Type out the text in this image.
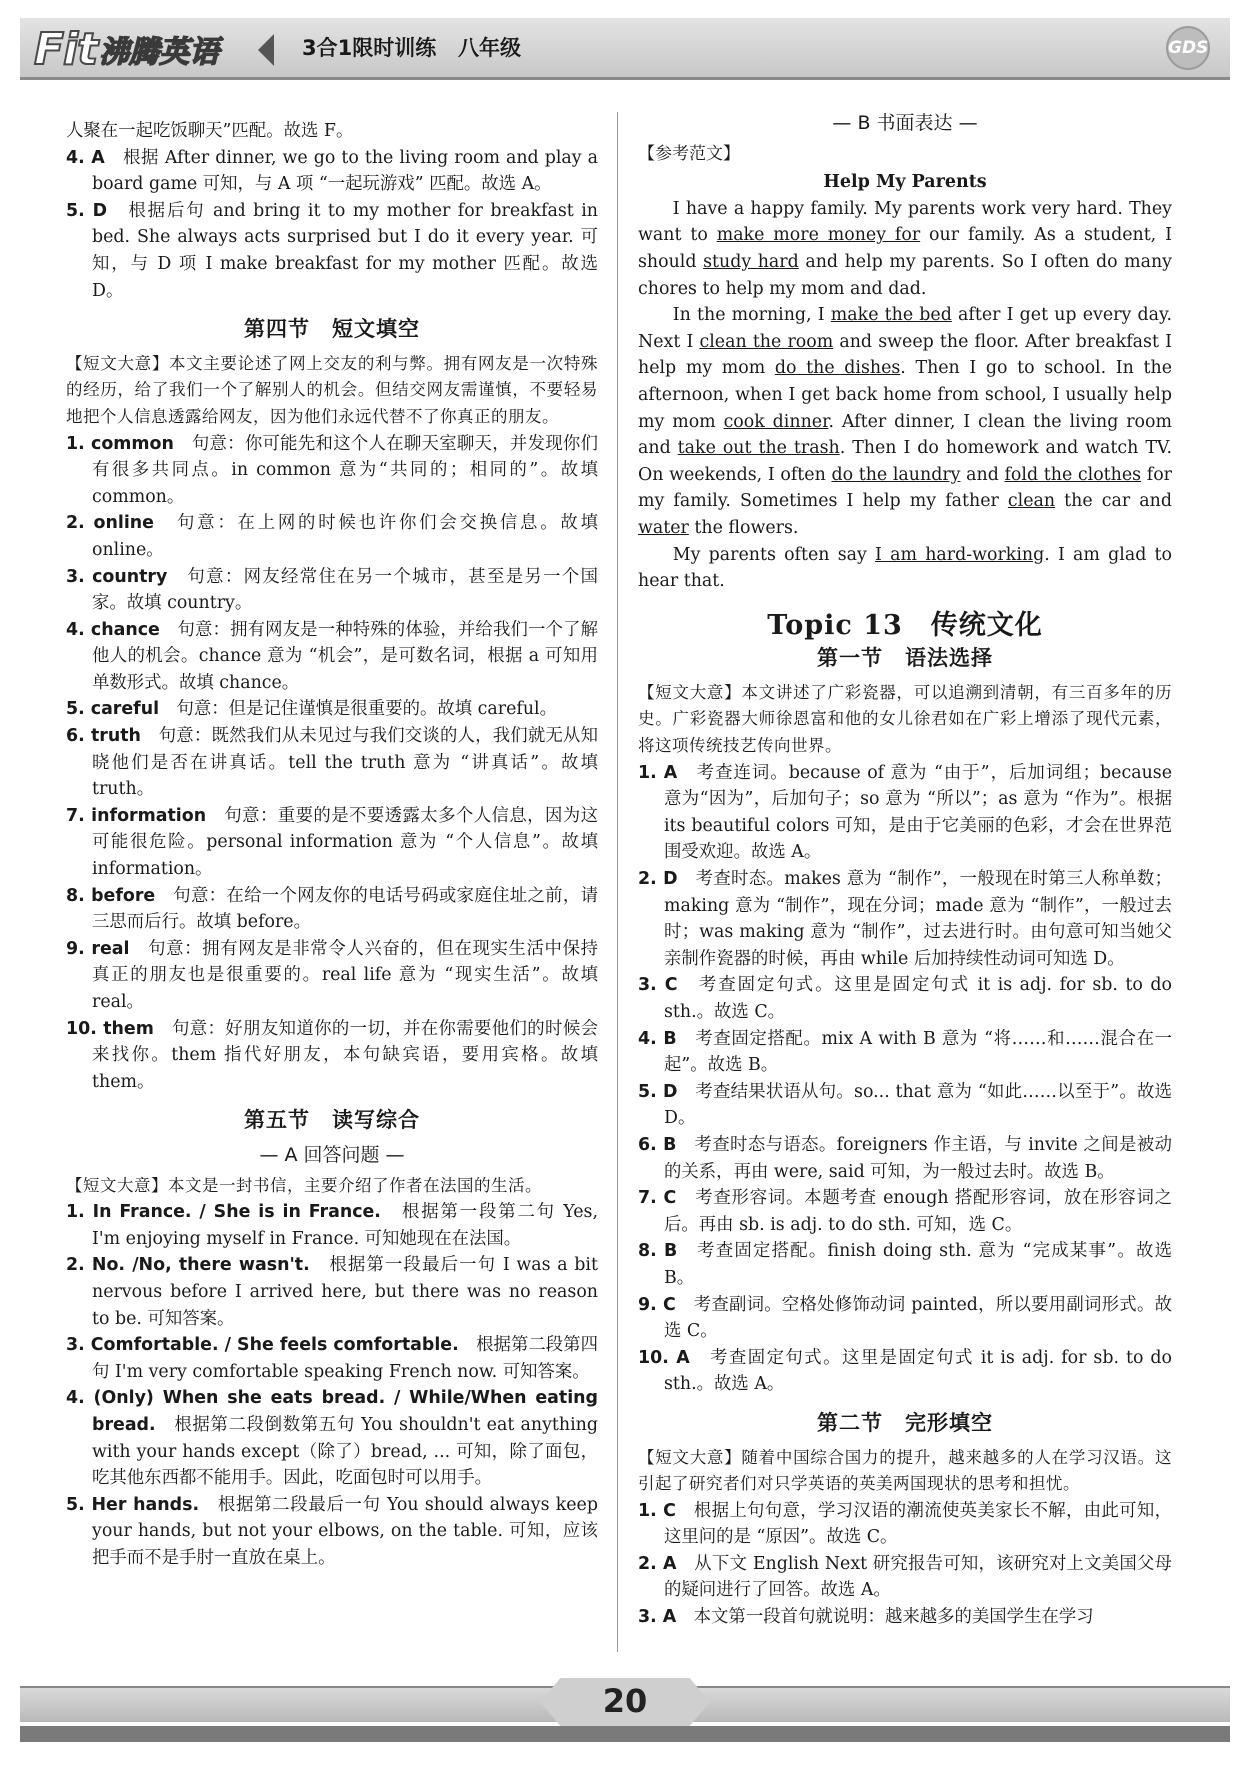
Fit 沸腾英语	3合1限时训练 八年级	GDS

人聚在一起吃饭聊天”匹配。故选 F。

4. A　 根据 After dinner, we go to the living room and play a board game 可知，与 A 项 “一起玩游戏” 匹配。故选 A。

5. D　 根据后句 and bring it to my mother for breakfast in bed. She always acts surprised but I do it every year. 可知，与 D 项 I make breakfast for my mother 匹配。故选 D。

第四节　短文填空

【短文大意】本文主要论述了网上交友的利与弊。拥有网友是一次特殊的经历，给了我们一个了解别人的机会。但结交网友需谨慎，不要轻易地把个人信息透露给网友，因为他们永远代替不了你真正的朋友。

1. common　 句意：你可能先和这个人在聊天室聊天，并发现你们有很多共同点。in common 意为“共同的；相同的”。故填 common。

2. online　 句意：在上网的时候也许你们会交换信息。故填 online。

3. country　 句意：网友经常住在另一个城市，甚至是另一个国家。故填 country。

4. chance　 句意：拥有网友是一种特殊的体验，并给我们一个了解他人的机会。chance 意为 “机会”，是可数名词，根据 a 可知用单数形式。故填 chance。

5. careful　 句意：但是记住谨慎是很重要的。故填 careful。

6. truth　 句意：既然我们从未见过与我们交谈的人，我们就无从知晓他们是否在讲真话。tell the truth 意为 “讲真话”。故填 truth。

7. information　 句意：重要的是不要透露太多个人信息，因为这可能很危险。personal information 意为 “个人信息”。故填 information。

8. before　 句意：在给一个网友你的电话号码或家庭住址之前，请三思而后行。故填 before。

9. real　 句意：拥有网友是非常令人兴奋的，但在现实生活中保持真正的朋友也是很重要的。real life 意为 “现实生活”。故填 real。

10. them　 句意：好朋友知道你的一切，并在你需要他们的时候会来找你。them 指代好朋友，本句缺宾语，要用宾格。故填 them。

第五节　读写综合
— A 回答问题 —

【短文大意】本文是一封书信，主要介绍了作者在法国的生活。

1. In France. / She is in France.　 根据第一段第二句 Yes, I'm enjoying myself in France. 可知她现在在法国。

2. No. /No, there wasn't.　 根据第一段最后一句 I was a bit nervous before I arrived here, but there was no reason to be. 可知答案。

3. Comfortable. / She feels comfortable.　 根据第二段第四句 I'm very comfortable speaking French now. 可知答案。

4. (Only) When she eats bread. / While/When eating bread.　 根据第二段倒数第五句 You shouldn't eat anything with your hands except（除了）bread, ... 可知，除了面包，吃其他东西都不能用手。因此，吃面包时可以用手。

5. Her hands.　 根据第二段最后一句 You should always keep your hands, but not your elbows, on the table. 可知，应该把手而不是手肘一直放在桌上。

— B 书面表达 —
【参考范文】
Help My Parents

I have a happy family. My parents work very hard. They want to make more money for our family. As a student, I should study hard and help my parents. So I often do many chores to help my mom and dad.

In the morning, I make the bed after I get up every day. Next I clean the room and sweep the floor. After breakfast I help my mom do the dishes. Then I go to school. In the afternoon, when I get back home from school, I usually help my mom cook dinner. After dinner, I clean the living room and take out the trash. Then I do homework and watch TV. On weekends, I often do the laundry and fold the clothes for my family. Sometimes I help my father clean the car and water the flowers.

My parents often say I am hard-working. I am glad to hear that.

Topic 13　传统文化
第一节　语法选择

【短文大意】本文讲述了广彩瓷器，可以追溯到清朝，有三百多年的历史。广彩瓷器大师徐恩富和他的女儿徐君如在广彩上增添了现代元素，将这项传统技艺传向世界。

1. A　 考查连词。because of 意为 “由于”，后加词组；because 意为“因为”，后加句子；so 意为 “所以”；as 意为 “作为”。根据 its beautiful colors 可知，是由于它美丽的色彩，才会在世界范围受欢迎。故选 A。

2. D　 考查时态。makes 意为 “制作”，一般现在时第三人称单数；making 意为 “制作”，现在分词；made 意为 “制作”，一般过去时；was making 意为 “制作”，过去进行时。由句意可知当她父亲制作瓷器的时候，再由 while 后加持续性动词可知选 D。

3. C　 考查固定句式。这里是固定句式 it is adj. for sb. to do sth.。故选 C。

4. B　 考查固定搭配。mix A with B 意为 “将……和……混合在一起”。故选 B。

5. D　 考查结果状语从句。so... that 意为 “如此……以至于”。故选 D。

6. B　 考查时态与语态。foreigners 作主语，与 invite 之间是被动的关系，再由 were, said 可知，为一般过去时。故选 B。

7. C　 考查形容词。本题考查 enough 搭配形容词，放在形容词之后。再由 sb. is adj. to do sth. 可知，选 C。

8. B　 考查固定搭配。finish doing sth. 意为 “完成某事”。故选 B。

9. C　 考查副词。空格处修饰动词 painted，所以要用副词形式。故选 C。

10. A　 考查固定句式。这里是固定句式 it is adj. for sb. to do sth.。故选 A。

第二节　完形填空

【短文大意】随着中国综合国力的提升，越来越多的人在学习汉语。这引起了研究者们对只学英语的英美两国现状的思考和担忧。

1. C　 根据上句句意，学习汉语的潮流使英美家长不解，由此可知，这里问的是 “原因”。故选 C。

2. A　 从下文 English Next 研究报告可知，该研究对上文美国父母的疑问进行了回答。故选 A。

3. A　 本文第一段首句就说明：越来越多的美国学生在学习

20
